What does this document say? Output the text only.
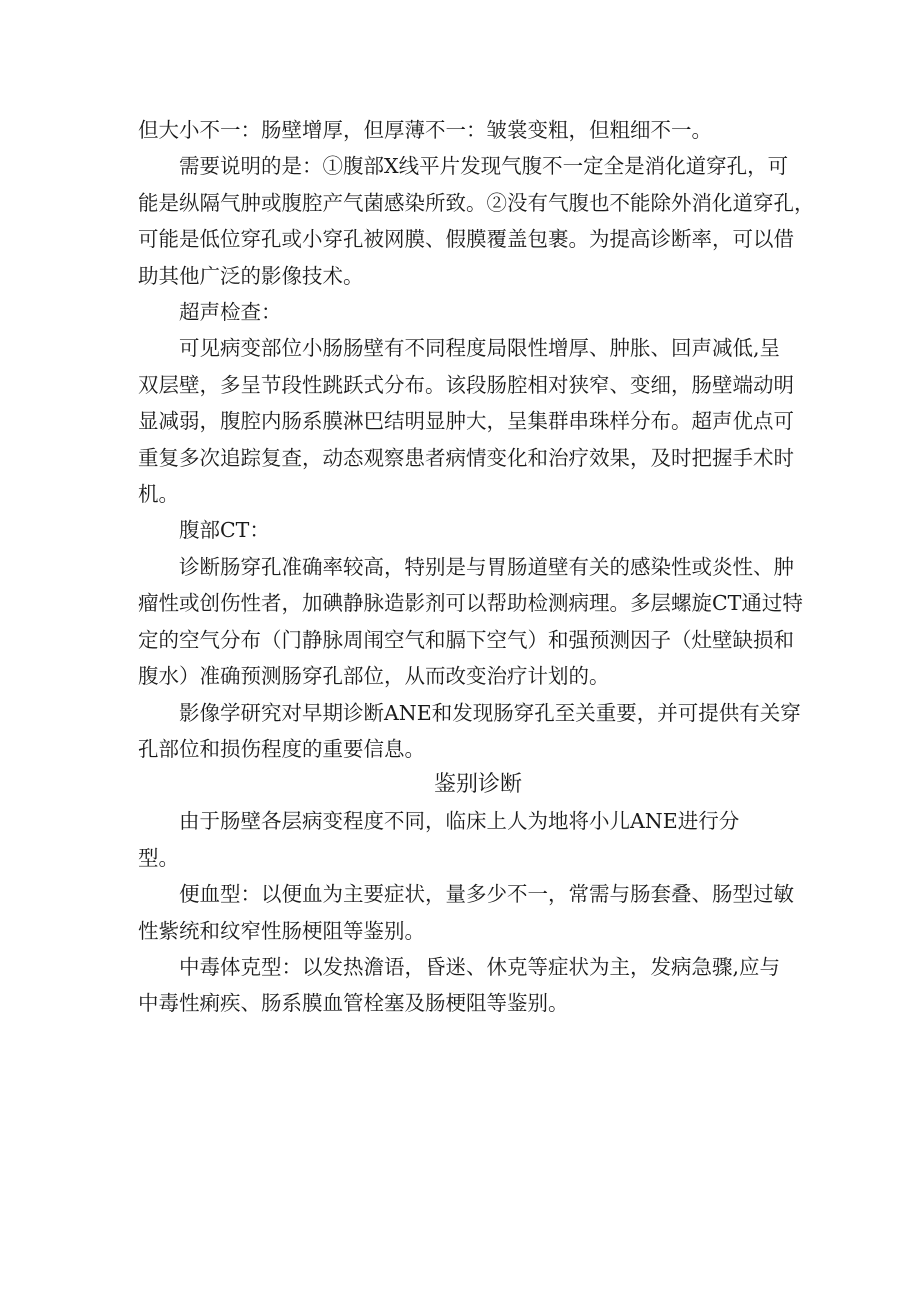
但大小不一：肠壁增厚，但厚薄不一：皱裳变粗，但粗细不一。

需要说明的是：①腹部X线平片发现气腹不一定全是消化道穿孔，可

能是纵隔气肿或腹腔产气菌感染所致。②没有气腹也不能除外消化道穿孔，

可能是低位穿孔或小穿孔被网膜、假膜覆盖包裹。为提高诊断率，可以借

助其他广泛的影像技术。

超声检查：

可见病变部位小肠肠壁有不同程度局限性增厚、肿胀、回声减低,呈

双层壁，多呈节段性跳跃式分布。该段肠腔相对狭窄、变细，肠壁端动明

显减弱，腹腔内肠系膜淋巴结明显肿大，呈集群串珠样分布。超声优点可

重复多次追踪复查，动态观察患者病情变化和治疗效果，及时把握手术时

机。

腹部CT：

诊断肠穿孔准确率较高，特别是与胃肠道壁有关的感染性或炎性、肿

瘤性或创伤性者，加碘静脉造影剂可以帮助检测病理。多层螺旋CT通过特

定的空气分布（门静脉周闱空气和膈下空气）和强预测因子（灶壁缺损和

腹水）准确预测肠穿孔部位，从而改变治疗计划的。

影像学研究对早期诊断ANE和发现肠穿孔至关重要，并可提供有关穿

孔部位和损伤程度的重要信息。

鉴别诊断

由于肠壁各层病变程度不同，临床上人为地将小儿ANE进行分

型。

便血型：以便血为主要症状，量多少不一，常需与肠套叠、肠型过敏

性紫统和纹窄性肠梗阻等鉴别。

中毒体克型：以发热澹语，昏迷、休克等症状为主，发病急骤,应与

中毒性痢疾、肠系膜血管栓塞及肠梗阻等鉴别。
